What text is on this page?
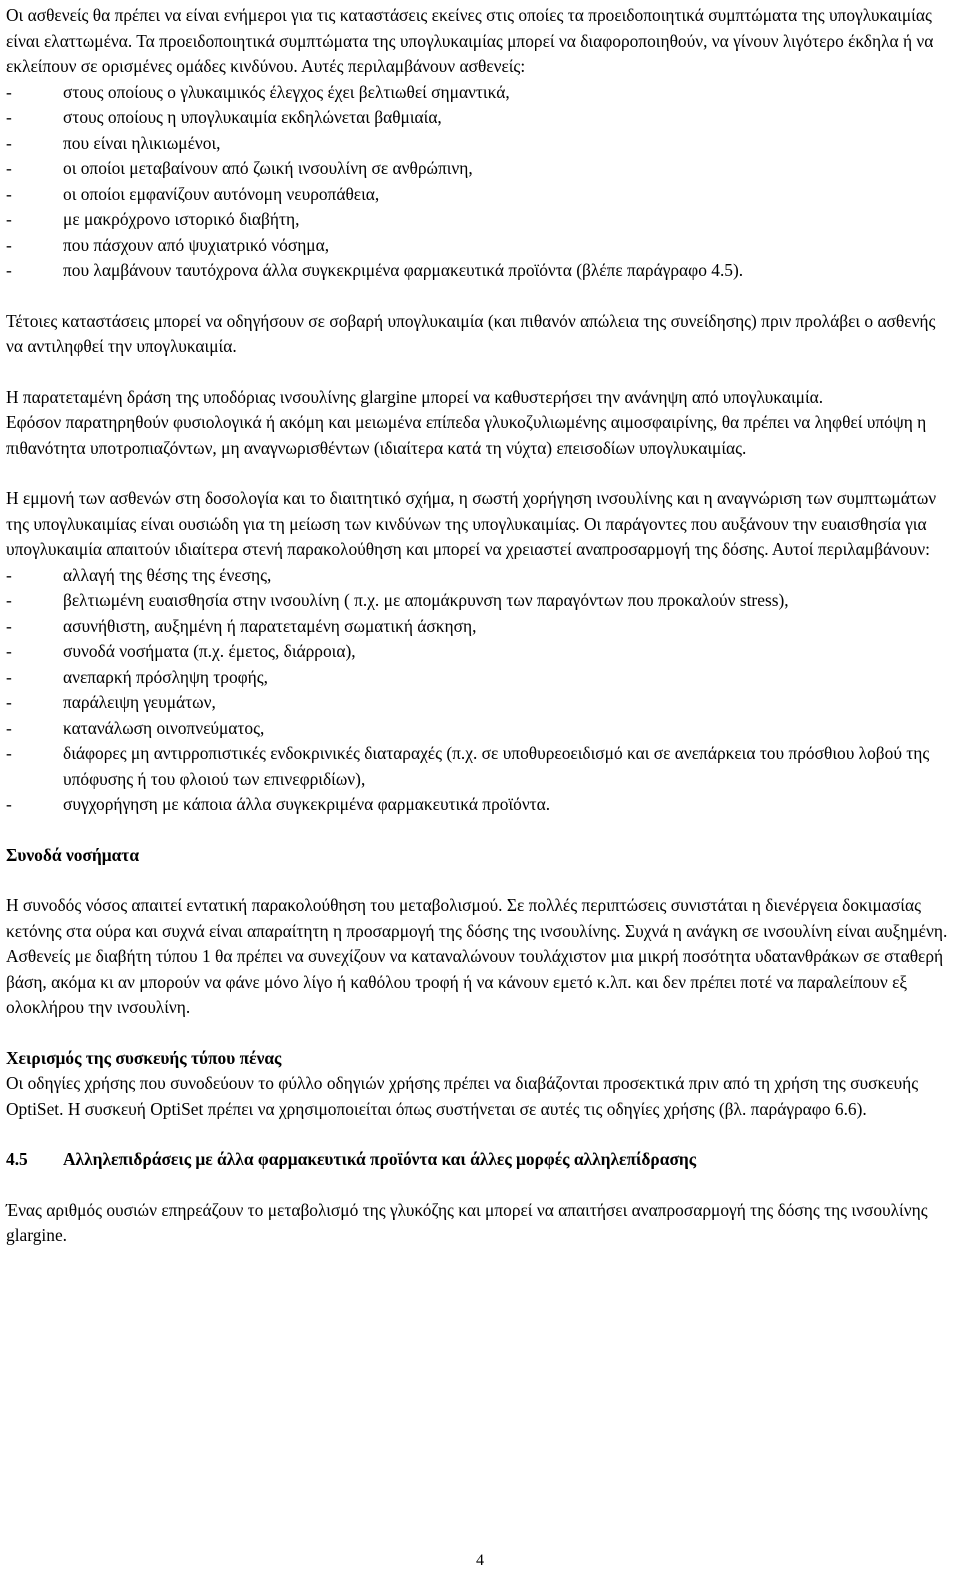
Οι ασθενείς θα πρέπει να είναι ενήμεροι για τις καταστάσεις εκείνες στις οποίες τα προειδοποιητικά συμπτώματα της υπογλυκαιμίας είναι ελαττωμένα. Τα προειδοποιητικά συμπτώματα της υπογλυκαιμίας μπορεί να διαφοροποιηθούν, να γίνουν λιγότερο έκδηλα ή να εκλείπουν σε ορισμένες ομάδες κινδύνου. Αυτές περιλαμβάνουν ασθενείς:

-	στους οποίους ο γλυκαιμικός έλεγχος έχει βελτιωθεί σημαντικά,
-	στους οποίους η υπογλυκαιμία εκδηλώνεται βαθμιαία,
-	που είναι ηλικιωμένοι,
-	οι οποίοι μεταβαίνουν από ζωική ινσουλίνη σε ανθρώπινη,
-	οι οποίοι εμφανίζουν αυτόνομη νευροπάθεια,
-	με μακρόχρονο ιστορικό διαβήτη,
-	που πάσχουν από ψυχιατρικό νόσημα,
-	που λαμβάνουν ταυτόχρονα άλλα συγκεκριμένα φαρμακευτικά προϊόντα (βλέπε παράγραφο 4.5).

Τέτοιες καταστάσεις μπορεί να οδηγήσουν σε σοβαρή υπογλυκαιμία (και πιθανόν απώλεια της συνείδησης) πριν προλάβει ο ασθενής να αντιληφθεί την υπογλυκαιμία.

Η παρατεταμένη δράση της υποδόριας ινσουλίνης glargine μπορεί να καθυστερήσει την ανάνηψη από υπογλυκαιμία.

Εφόσον παρατηρηθούν φυσιολογικά ή ακόμη και μειωμένα επίπεδα γλυκοζυλιωμένης αιμοσφαιρίνης, θα πρέπει να ληφθεί υπόψη η πιθανότητα υποτροπιαζόντων, μη αναγνωρισθέντων (ιδιαίτερα κατά τη νύχτα) επεισοδίων υπογλυκαιμίας.

Η εμμονή των ασθενών στη δοσολογία και το διαιτητικό σχήμα, η σωστή χορήγηση ινσουλίνης και η αναγνώριση των συμπτωμάτων της υπογλυκαιμίας είναι ουσιώδη για τη μείωση των κινδύνων της υπογλυκαιμίας. Οι παράγοντες που αυξάνουν την ευαισθησία για υπογλυκαιμία απαιτούν ιδιαίτερα στενή παρακολούθηση και μπορεί να χρειαστεί αναπροσαρμογή της δόσης. Αυτοί περιλαμβάνουν:

-	αλλαγή της θέσης της ένεσης,
-	βελτιωμένη ευαισθησία στην ινσουλίνη ( π.χ. με απομάκρυνση των παραγόντων που προκαλούν stress),
-	ασυνήθιστη, αυξημένη ή παρατεταμένη σωματική άσκηση,
-	συνοδά νοσήματα (π.χ. έμετος, διάρροια),
-	ανεπαρκή πρόσληψη τροφής,
-	παράλειψη γευμάτων,
-	κατανάλωση οινοπνεύματος,
-	διάφορες μη αντιρροπιστικές ενδοκρινικές διαταραχές (π.χ. σε υποθυρεοειδισμό και σε ανεπάρκεια του πρόσθιου λοβού της υπόφυσης ή του φλοιού των επινεφριδίων),
-	συγχορήγηση με κάποια άλλα συγκεκριμένα φαρμακευτικά προϊόντα.
Συνοδά νοσήματα

Η συνοδός νόσος απαιτεί εντατική παρακολούθηση του μεταβολισμού. Σε πολλές περιπτώσεις συνιστάται η διενέργεια δοκιμασίας κετόνης στα ούρα και συχνά είναι απαραίτητη η προσαρμογή της δόσης της ινσουλίνης. Συχνά η ανάγκη σε ινσουλίνη είναι αυξημένη. Ασθενείς με διαβήτη τύπου 1 θα πρέπει να συνεχίζουν να καταναλώνουν τουλάχιστον μια μικρή ποσότητα υδατανθράκων σε σταθερή βάση, ακόμα κι αν μπορούν να φάνε μόνο λίγο ή καθόλου τροφή ή να κάνουν εμετό κ.λπ. και δεν πρέπει ποτέ να παραλείπουν εξ ολοκλήρου την ινσουλίνη.

Χειρισμός της συσκευής τύπου πένας

Οι οδηγίες χρήσης που συνοδεύουν το φύλλο οδηγιών χρήσης πρέπει να διαβάζονται προσεκτικά πριν από τη χρήση της συσκευής OptiSet. Η συσκευή OptiSet πρέπει να χρησιμοποιείται όπως συστήνεται σε αυτές τις οδηγίες χρήσης (βλ. παράγραφο 6.6).

4.5 Αλληλεπιδράσεις με άλλα φαρμακευτικά προϊόντα και άλλες μορφές αλληλεπίδρασης

Ένας αριθμός ουσιών επηρεάζουν το μεταβολισμό της γλυκόζης και μπορεί να απαιτήσει αναπροσαρμογή της δόσης της ινσουλίνης glargine.

4
